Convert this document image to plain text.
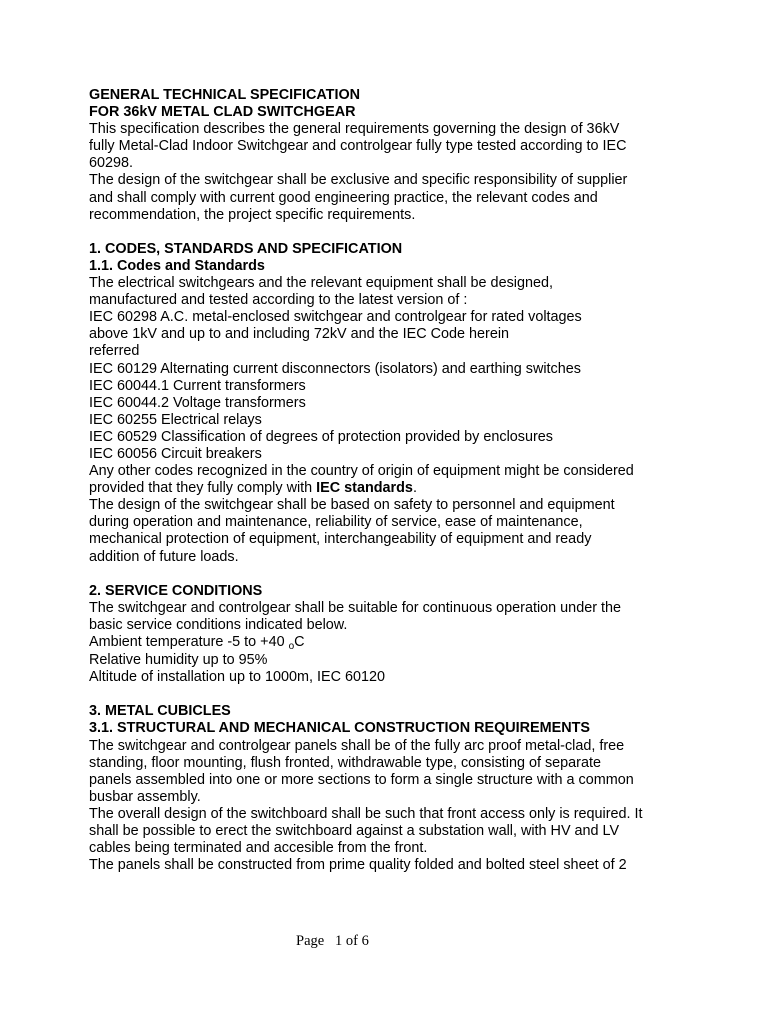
GENERAL TECHNICAL SPECIFICATION
FOR 36kV METAL CLAD SWITCHGEAR
This specification describes the general requirements governing the design of 36kV
fully Metal-Clad Indoor Switchgear and controlgear fully type tested according to IEC
60298.
The design of the switchgear shall be exclusive and specific responsibility of supplier
and shall comply with current good engineering practice, the relevant codes and
recommendation, the project specific requirements.
1. CODES, STANDARDS AND SPECIFICATION
1.1. Codes and Standards
The electrical switchgears and the relevant equipment shall be designed,
manufactured and tested according to the latest version of :
IEC 60298 A.C. metal-enclosed switchgear and controlgear for rated voltages
above 1kV and up to and including 72kV and the IEC Code herein
referred
IEC 60129 Alternating current disconnectors (isolators) and earthing switches
IEC 60044.1 Current transformers
IEC 60044.2 Voltage transformers
IEC 60255 Electrical relays
IEC 60529 Classification of degrees of protection provided by enclosures
IEC 60056 Circuit breakers
Any other codes recognized in the country of origin of equipment might be considered
provided that they fully comply with IEC standards.
The design of the switchgear shall be based on safety to personnel and equipment
during operation and maintenance, reliability of service, ease of maintenance,
mechanical protection of equipment, interchangeability of equipment and ready
addition of future loads.
2. SERVICE CONDITIONS
The switchgear and controlgear shall be suitable for continuous operation under the
basic service conditions indicated below.
Ambient temperature -5 to +40 $_o$C
Relative humidity up to 95%
Altitude of installation up to 1000m, IEC 60120
3. METAL CUBICLES
3.1. STRUCTURAL AND MECHANICAL CONSTRUCTION REQUIREMENTS
The switchgear and controlgear panels shall be of the fully arc proof metal-clad, free
standing, floor mounting, flush fronted, withdrawable type, consisting of separate
panels assembled into one or more sections to form a single structure with a common
busbar assembly.
The overall design of the switchboard shall be such that front access only is required. It
shall be possible to erect the switchboard against a substation wall, with HV and LV
cables being terminated and accesible from the front.
The panels shall be constructed from prime quality folded and bolted steel sheet of 2
Page   1 of 6
